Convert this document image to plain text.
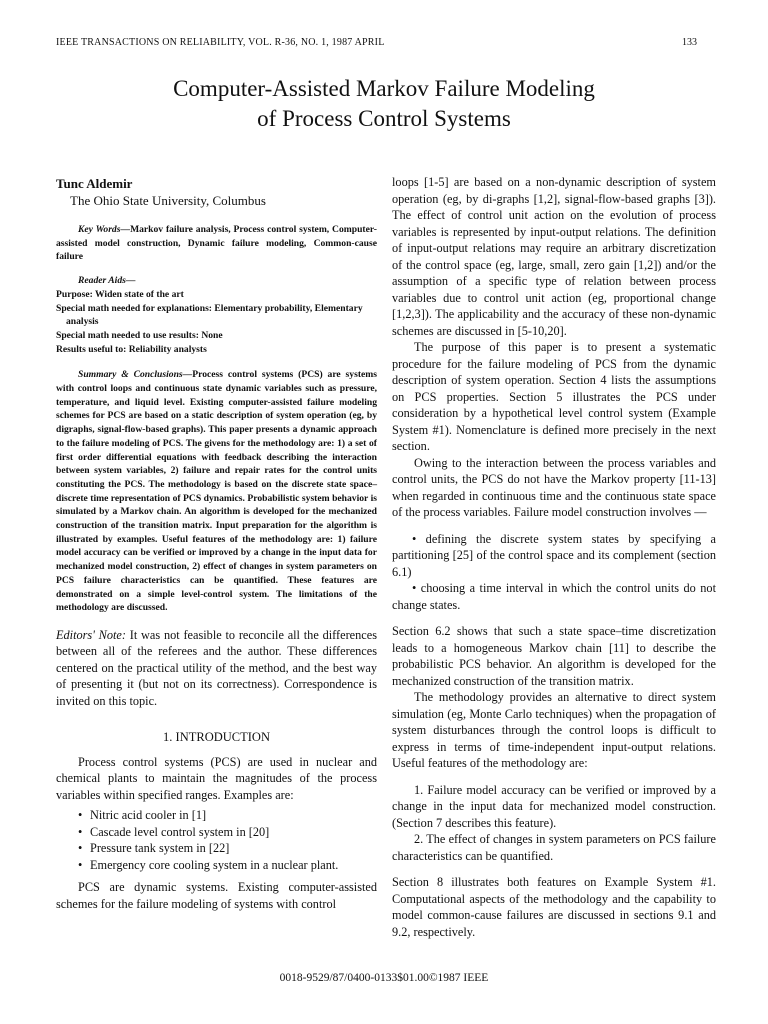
IEEE TRANSACTIONS ON RELIABILITY, VOL. R-36, NO. 1, 1987 APRIL	133
Computer-Assisted Markov Failure Modeling
of Process Control Systems
Tunc Aldemir
The Ohio State University, Columbus

Key Words—Markov failure analysis, Process control system, Computer-assisted model construction, Dynamic failure modeling, Common-cause failure

Reader Aids—

Purpose: Widen state of the art

Special math needed for explanations: Elementary probability, Elementary analysis

Special math needed to use results: None

Results useful to: Reliability analysts

Summary & Conclusions—Process control systems (PCS) are systems with control loops and continuous state dynamic variables such as pressure, temperature, and liquid level. Existing computer-assisted failure modeling schemes for PCS are based on a static description of system operation (eg, by digraphs, signal-flow-based graphs). This paper presents a dynamic approach to the failure modeling of PCS. The givens for the methodology are: 1) a set of first order differential equations with feedback describing the interaction between system variables, 2) failure and repair rates for the control units constituting the PCS. The methodology is based on the discrete state space–discrete time representation of PCS dynamics. Probabilistic system behavior is simulated by a Markov chain. An algorithm is developed for the mechanized construction of the transition matrix. Input preparation for the algorithm is illustrated by examples. Useful features of the methodology are: 1) failure model accuracy can be verified or improved by a change in the input data for mechanized model construction, 2) effect of changes in system parameters on PCS failure characteristics can be quantified. These features are demonstrated on a simple level-control system. The limitations of the methodology are discussed.

Editors' Note: It was not feasible to reconcile all the differences between all of the referees and the author. These differences centered on the practical utility of the method, and the best way of presenting it (but not on its correctness). Correspondence is invited on this topic.

1. INTRODUCTION

Process control systems (PCS) are used in nuclear and chemical plants to maintain the magnitudes of the process variables within specified ranges. Examples are:

• Nitric acid cooler in [1]
• Cascade level control system in [20]
• Pressure tank system in [22]
• Emergency core cooling system in a nuclear plant.

PCS are dynamic systems. Existing computer-assisted schemes for the failure modeling of systems with control

loops [1-5] are based on a non-dynamic description of system operation (eg, by di-graphs [1,2], signal-flow-based graphs [3]). The effect of control unit action on the evolution of process variables is represented by input-output relations. The definition of input-output relations may require an arbitrary discretization of the control space (eg, large, small, zero gain [1,2]) and/or the assumption of a specific type of relation between process variables due to control unit action (eg, proportional change [1,2,3]). The applicability and the accuracy of these non-dynamic schemes are discussed in [5-10,20].

The purpose of this paper is to present a systematic procedure for the failure modeling of PCS from the dynamic description of system operation. Section 4 lists the assumptions on PCS properties. Section 5 illustrates the PCS under consideration by a hypothetical level control system (Example System #1). Nomenclature is defined more precisely in the next section.

Owing to the interaction between the process variables and control units, the PCS do not have the Markov property [11-13] when regarded in continuous time and the continuous state space of the process variables. Failure model construction involves —

• defining the discrete system states by specifying a partitioning [25] of the control space and its complement (section 6.1)

• choosing a time interval in which the control units do not change states.

Section 6.2 shows that such a state space–time discretization leads to a homogeneous Markov chain [11] to describe the probabilistic PCS behavior. An algorithm is developed for the mechanized construction of the transition matrix.

The methodology provides an alternative to direct system simulation (eg, Monte Carlo techniques) when the propagation of system disturbances through the control loops is difficult to express in terms of time-independent input-output relations. Useful features of the methodology are:

1. Failure model accuracy can be verified or improved by a change in the input data for mechanized model construction. (Section 7 describes this feature).

2. The effect of changes in system parameters on PCS failure characteristics can be quantified.

Section 8 illustrates both features on Example System #1. Computational aspects of the methodology and the capability to model common-cause failures are discussed in sections 9.1 and 9.2, respectively.

0018-9529/87/0400-0133$01.00©1987 IEEE
